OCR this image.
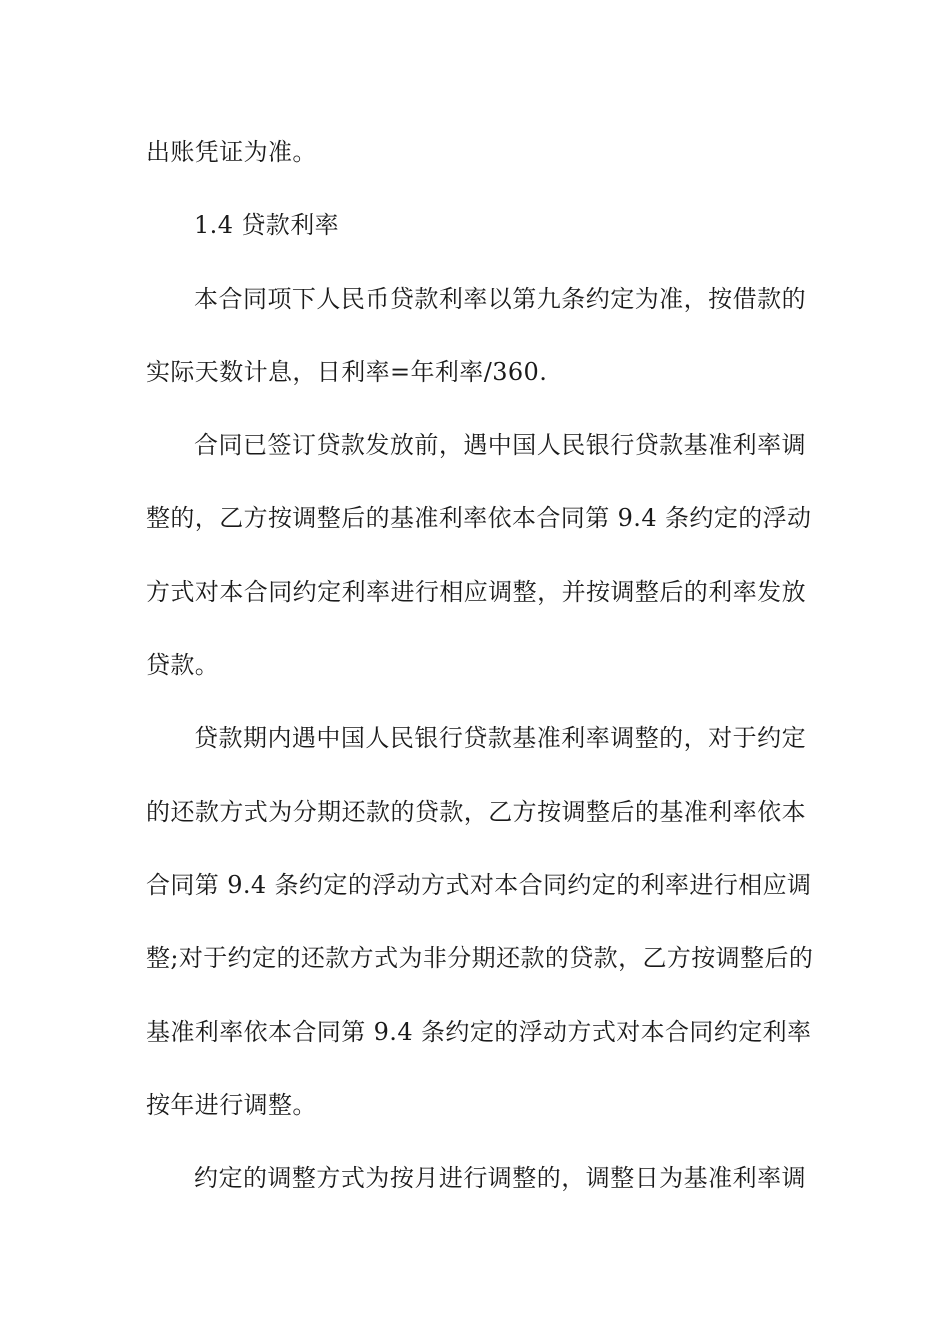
出账凭证为准。
1.4 贷款利率
本合同项下人民币贷款利率以第九条约定为准，按借款的
实际天数计息，日利率=年利率/360.
合同已签订贷款发放前，遇中国人民银行贷款基准利率调
整的，乙方按调整后的基准利率依本合同第 9.4 条约定的浮动
方式对本合同约定利率进行相应调整，并按调整后的利率发放
贷款。
贷款期内遇中国人民银行贷款基准利率调整的，对于约定
的还款方式为分期还款的贷款，乙方按调整后的基准利率依本
合同第 9.4 条约定的浮动方式对本合同约定的利率进行相应调
整;对于约定的还款方式为非分期还款的贷款，乙方按调整后的
基准利率依本合同第 9.4 条约定的浮动方式对本合同约定利率
按年进行调整。
约定的调整方式为按月进行调整的，调整日为基准利率调
